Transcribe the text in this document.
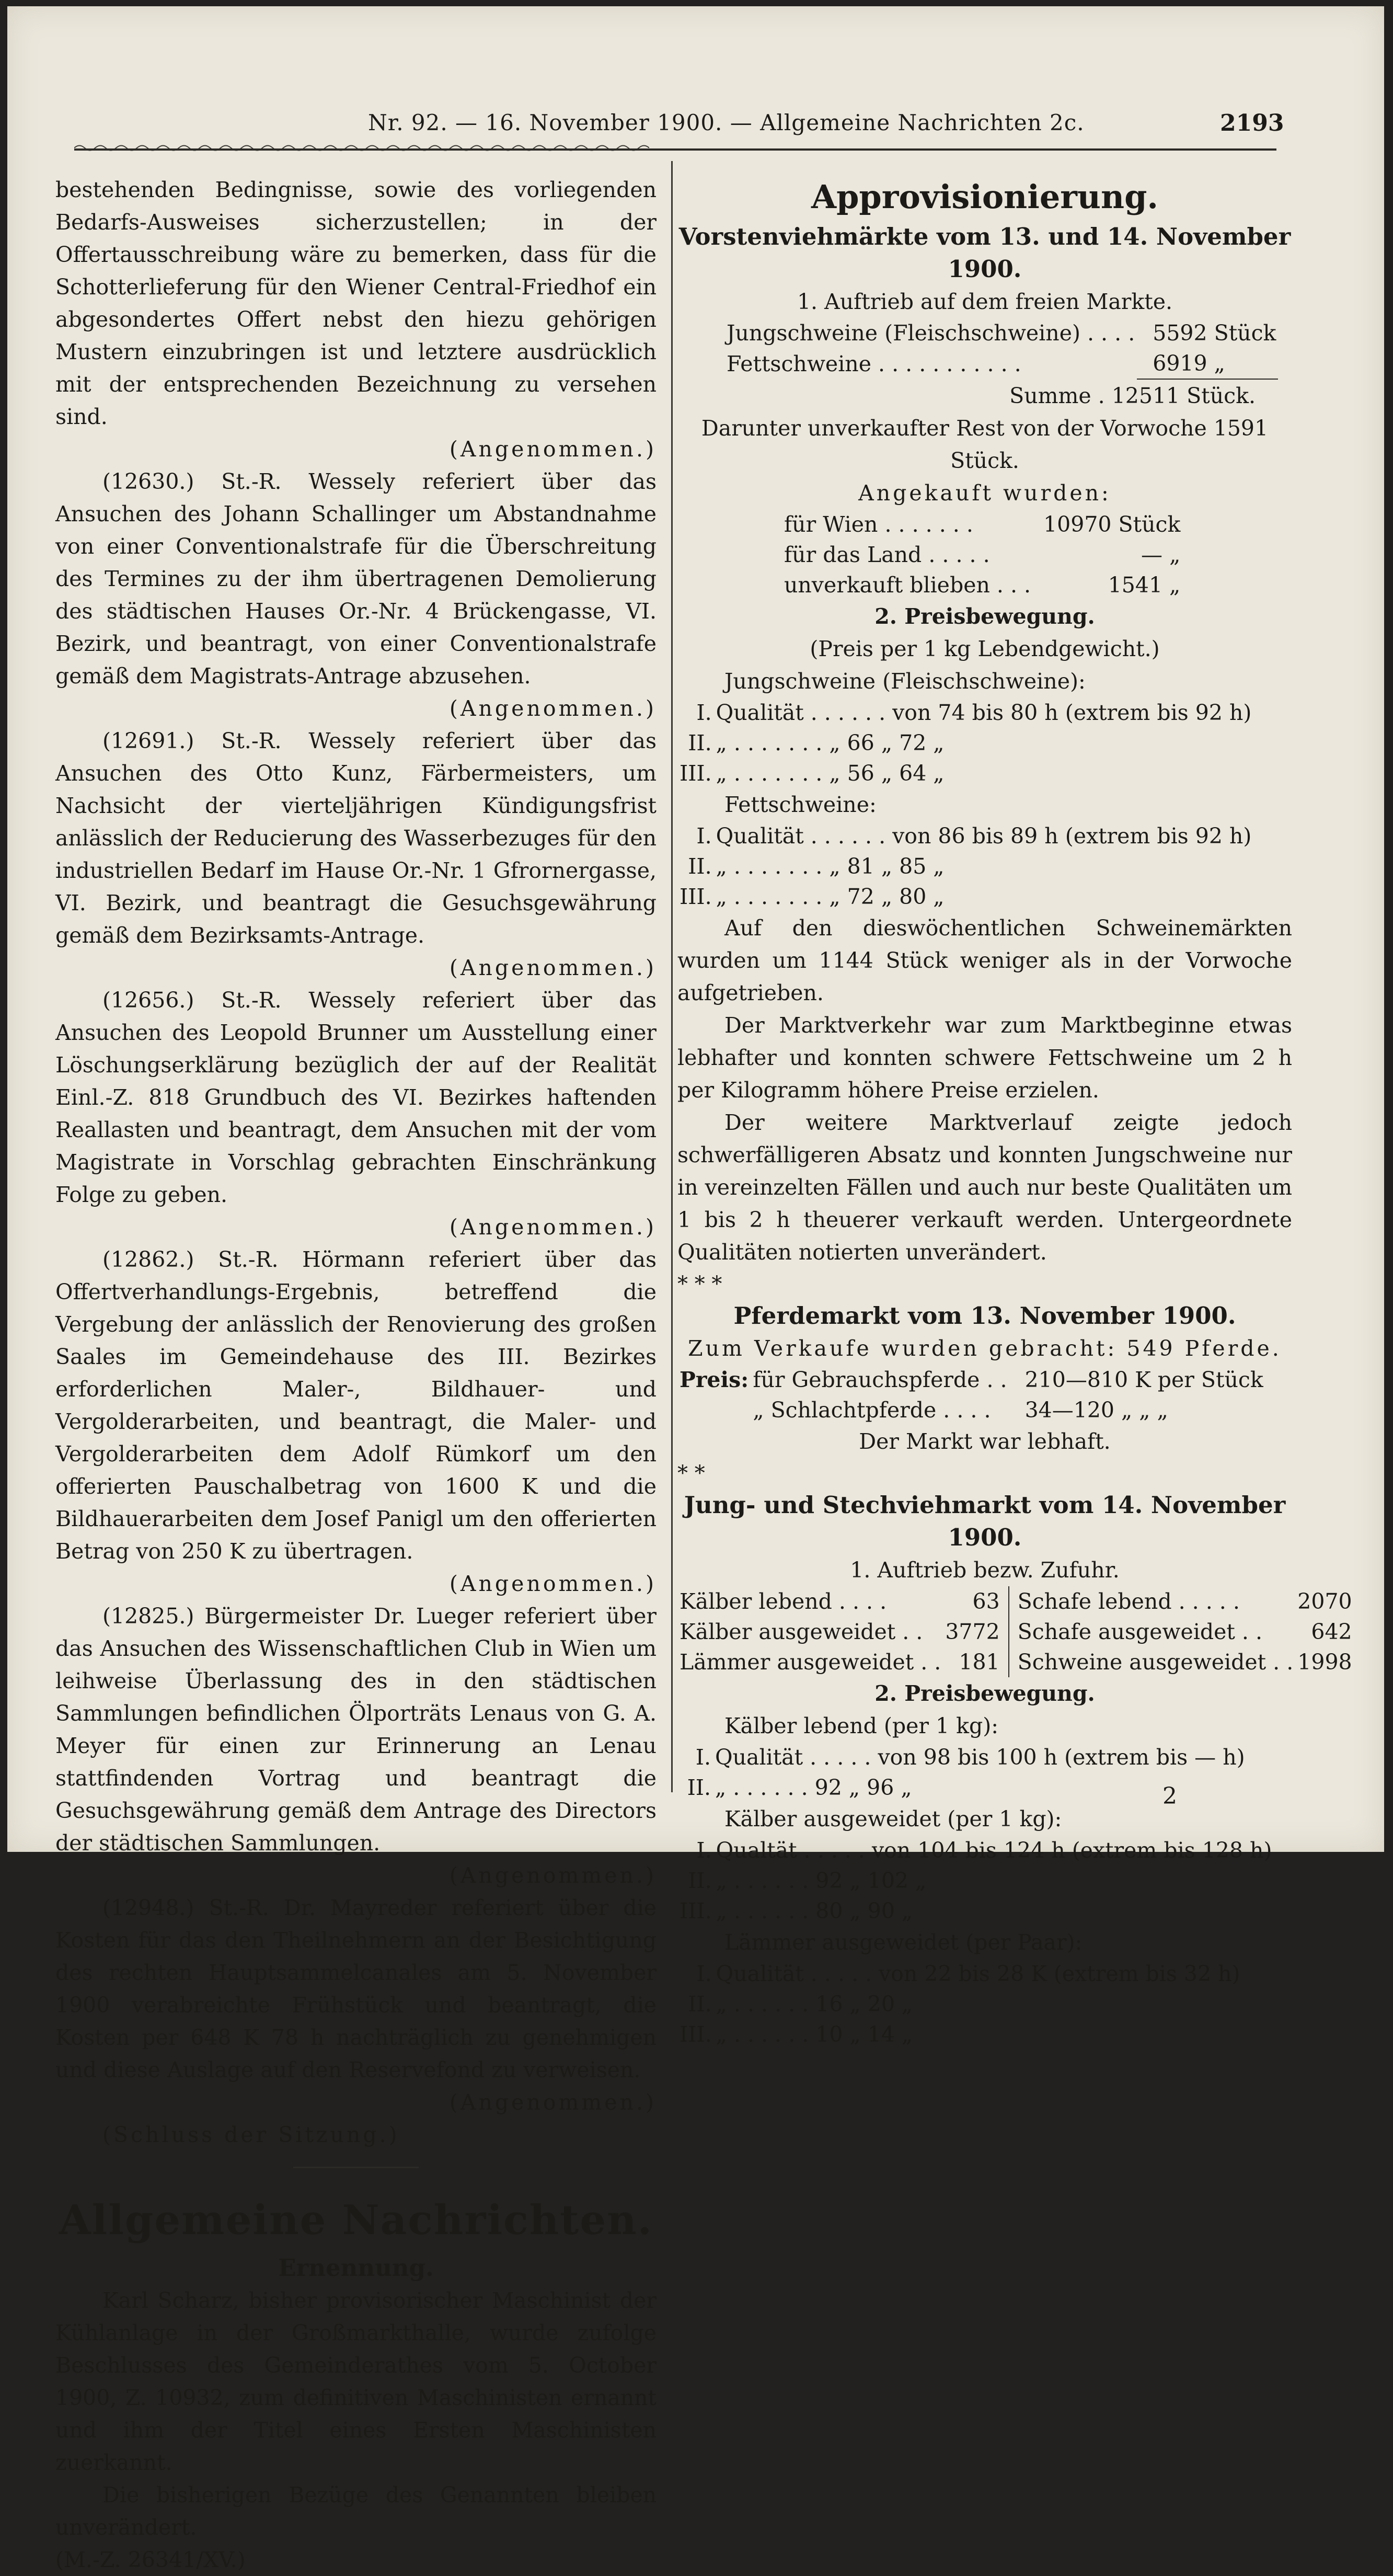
Nr. 92. — 16. November 1900. — Allgemeine Nachrichten 2c.	2193

bestehenden Bedingnisse, sowie des vorliegenden Bedarfs-Ausweises sicherzustellen; in der Offertausschreibung wäre zu bemerken, dass für die Schotterlieferung für den Wiener Central-Friedhof ein abgesondertes Offert nebst den hiezu gehörigen Mustern einzubringen ist und letztere ausdrücklich mit der entsprechenden Bezeichnung zu versehen sind.

(Angenommen.)

(12630.) St.-R. Wessely referiert über das Ansuchen des Johann Schallinger um Abstandnahme von einer Conventionalstrafe für die Überschreitung des Termines zu der ihm übertragenen Demolierung des städtischen Hauses Or.-Nr. 4 Brückengasse, VI. Bezirk, und beantragt, von einer Conventionalstrafe gemäß dem Magistrats-Antrage abzusehen.

(Angenommen.)

(12691.) St.-R. Wessely referiert über das Ansuchen des Otto Kunz, Färbermeisters, um Nachsicht der vierteljährigen Kündigungsfrist anlässlich der Reducierung des Wasserbezuges für den industriellen Bedarf im Hause Or.-Nr. 1 Gfrornergasse, VI. Bezirk, und beantragt die Gesuchsgewährung gemäß dem Bezirksamts-Antrage.

(Angenommen.)

(12656.) St.-R. Wessely referiert über das Ansuchen des Leopold Brunner um Ausstellung einer Löschungserklärung bezüglich der auf der Realität Einl.-Z. 818 Grundbuch des VI. Bezirkes haftenden Reallasten und beantragt, dem Ansuchen mit der vom Magistrate in Vorschlag gebrachten Einschränkung Folge zu geben.

(Angenommen.)

(12862.) St.-R. Hörmann referiert über das Offertverhandlungs-Ergebnis, betreffend die Vergebung der anlässlich der Renovierung des großen Saales im Gemeindehause des III. Bezirkes erforderlichen Maler-, Bildhauer- und Vergolderarbeiten, und beantragt, die Maler- und Vergolderarbeiten dem Adolf Rümkorf um den offerierten Pauschalbetrag von 1600 K und die Bildhauerarbeiten dem Josef Panigl um den offerierten Betrag von 250 K zu übertragen.

(Angenommen.)

(12825.) Bürgermeister Dr. Lueger referiert über das Ansuchen des Wissenschaftlichen Club in Wien um leihweise Überlassung des in den städtischen Sammlungen befindlichen Ölporträts Lenaus von G. A. Meyer für einen zur Erinnerung an Lenau stattfindenden Vortrag und beantragt die Gesuchsgewährung gemäß dem Antrage des Directors der städtischen Sammlungen.

(Angenommen.)

(12948.) St.-R. Dr. Mayreder referiert über die Kosten für das den Theilnehmern an der Besichtigung des rechten Hauptsammelcanales am 5. November 1900 verabreichte Frühstück und beantragt, die Kosten per 648 K 78 h nachträglich zu genehmigen und diese Auslage auf den Reservefond zu verweisen.

(Angenommen.)

(Schluss der Sitzung.)

Allgemeine Nachrichten.

Ernennung.

Karl Scharz, bisher provisorischer Maschinist der Kühlanlage in der Großmarkthalle, wurde zufolge Beschlusses des Gemeinderathes vom 5. October 1900, Z. 10932, zum definitiven Maschinisten ernannt und ihm der Titel eines Ersten Maschinisten zuerkannt.

Die bisherigen Bezüge des Genannten bleiben unverändert.

(M.-Z. 26341/XV.)

Approvisionierung.

Vorstenviehmärkte vom 13. und 14. November 1900.

1. Auftrieb auf dem freien Markte.

Jungschweine (Fleischschweine) . . . .	5592 Stück
Fettschweine . . . . . . . . . . .	6919 „

Summe . 12511 Stück.

Darunter unverkaufter Rest von der Vorwoche 1591 Stück.

Angekauft wurden:

für Wien . . . . . . .	10970 Stück
für das Land . . . . .	— „
unverkauft blieben . . .	1541 „

2. Preisbewegung.

(Preis per 1 kg Lebendgewicht.)

Jungschweine (Fleischschweine):

I.	Qualität . . . . . . von 74 bis 80 h (extrem bis 92 h)
II.	„ . . . . . . . „ 66 „ 72 „
III.	„ . . . . . . . „ 56 „ 64 „

Fettschweine:

I.	Qualität . . . . . . von 86 bis 89 h (extrem bis 92 h)
II.	„ . . . . . . . „ 81 „ 85 „
III.	„ . . . . . . . „ 72 „ 80 „

Auf den dieswöchentlichen Schweinemärkten wurden um 1144 Stück weniger als in der Vorwoche aufgetrieben.

Der Marktverkehr war zum Marktbeginne etwas lebhafter und konnten schwere Fettschweine um 2 h per Kilogramm höhere Preise erzielen.

Der weitere Marktverlauf zeigte jedoch schwerfälligeren Absatz und konnten Jungschweine nur in vereinzelten Fällen und auch nur beste Qualitäten um 1 bis 2 h theuerer verkauft werden. Untergeordnete Qualitäten notierten unverändert.

* * *

Pferdemarkt vom 13. November 1900.

Zum Verkaufe wurden gebracht: 549 Pferde.

Preis:	für Gebrauchspferde . .	210—810 K per Stück
	„ Schlachtpferde . . . .	34—120 „ „ „

Der Markt war lebhaft.

* *

Jung- und Stechviehmarkt vom 14. November 1900.

1. Auftrieb bezw. Zufuhr.

Kälber lebend . . . .	63	Schafe lebend . . . . .	2070
Kälber ausgeweidet . .	3772	Schafe ausgeweidet . .	642
Lämmer ausgeweidet . .	181	Schweine ausgeweidet . .	1998

2. Preisbewegung.

Kälber lebend (per 1 kg):

I.	Qualität . . . . . von 98 bis 100 h (extrem bis — h)
II.	„ . . . . . . 92 „ 96 „

Kälber ausgeweidet (per 1 kg):

I.	Qualtät . . . . . von 104 bis 124 h (extrem bis 128 h)
II.	„ . . . . . . 92 „ 102 „
III.	„ . . . . . . 80 „ 90 „

Lämmer ausgeweidet (per Paar):

I.	Qualität . . . . . von 22 bis 28 K (extrem bis 32 h)
II.	„ . . . . . . 16 „ 20 „
III.	„ . . . . . . 10 „ 14 „
2
